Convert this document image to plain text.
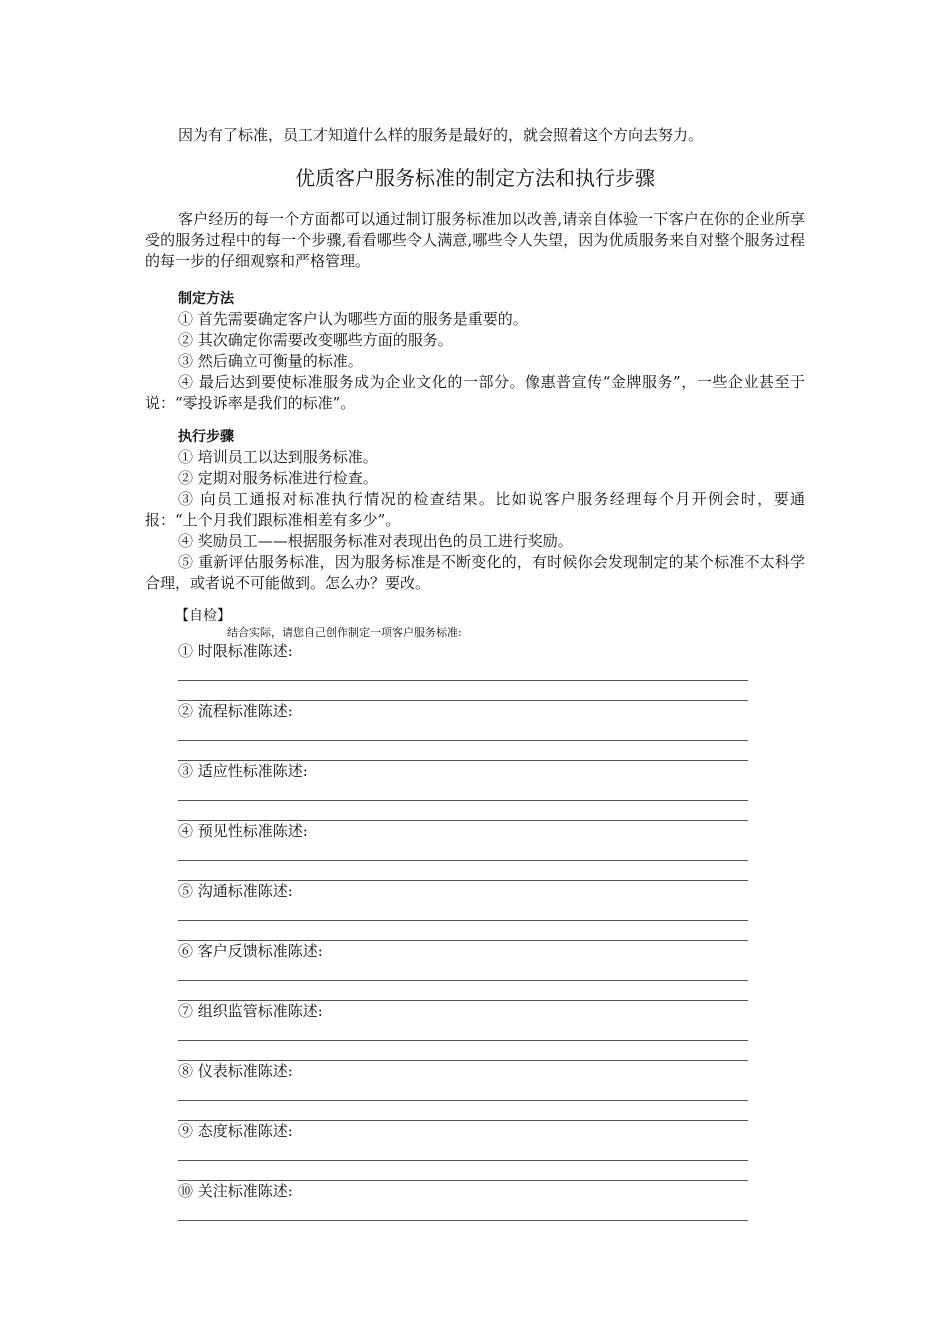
因为有了标准，员工才知道什么样的服务是最好的，就会照着这个方向去努力。

优质客户服务标准的制定方法和执行步骤

客户经历的每一个方面都可以通过制订服务标准加以改善,请亲自体验一下客户在你的企业所享受的服务过程中的每一个步骤,看看哪些令人满意,哪些令人失望，因为优质服务来自对整个服务过程的每一步的仔细观察和严格管理。

制定方法

① 首先需要确定客户认为哪些方面的服务是重要的。

② 其次确定你需要改变哪些方面的服务。

③ 然后确立可衡量的标准。

④ 最后达到要使标准服务成为企业文化的一部分。像惠普宣传“金牌服务”，一些企业甚至于说：“零投诉率是我们的标准”。

执行步骤

① 培训员工以达到服务标准。

② 定期对服务标准进行检查。

③ 向员工通报对标准执行情况的检查结果。比如说客户服务经理每个月开例会时，要通报：“上个月我们跟标准相差有多少”。

④ 奖励员工——根据服务标准对表现出色的员工进行奖励。

⑤ 重新评估服务标准，因为服务标准是不断变化的，有时候你会发现制定的某个标准不太科学合理，或者说不可能做到。怎么办？要改。

【自检】

结合实际，请您自己创作制定一项客户服务标准:

① 时限标准陈述:
② 流程标准陈述:
③ 适应性标准陈述:
④ 预见性标准陈述:
⑤ 沟通标准陈述:
⑥ 客户反馈标准陈述:
⑦ 组织监管标准陈述:
⑧ 仪表标准陈述:
⑨ 态度标准陈述:
⑩ 关注标准陈述:
